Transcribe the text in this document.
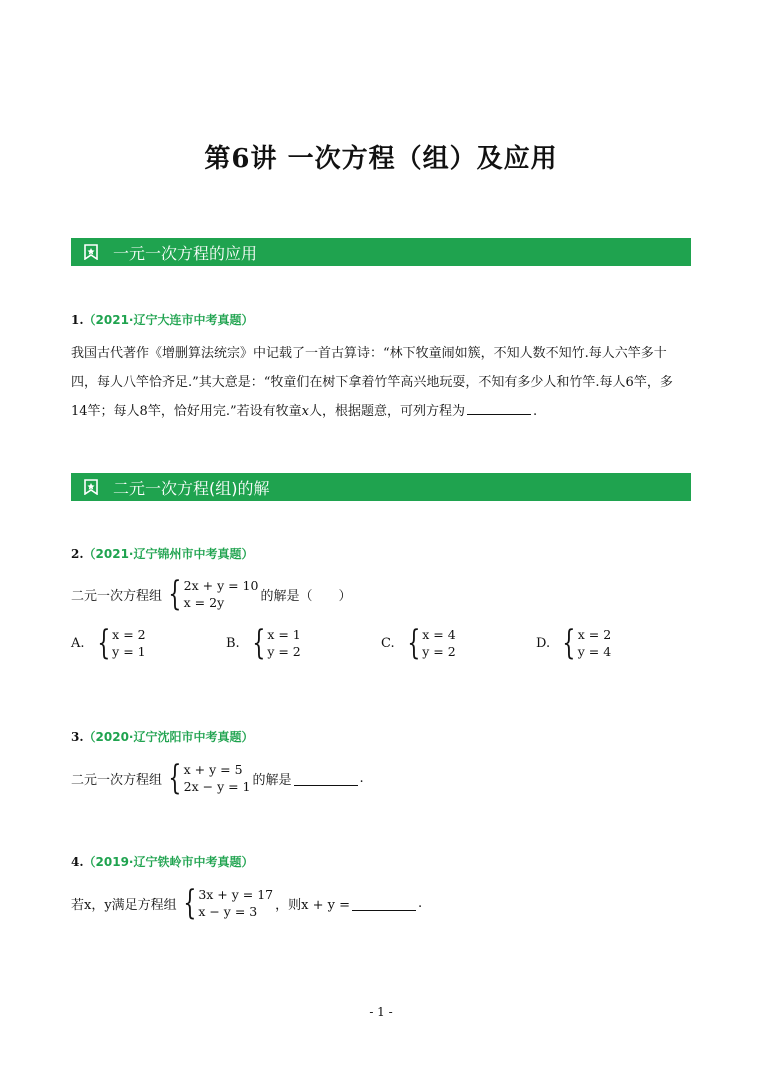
第6讲 一次方程（组）及应用
一元一次方程的应用
1.（2021·辽宁大连市中考真题）
我国古代著作《增删算法统宗》中记载了一首古算诗：“林下牧童闹如簇，不知人数不知竹.每人六竿多十
四，每人八竿恰齐足.”其大意是：“牧童们在树下拿着竹竿高兴地玩耍，不知有多少人和竹竿.每人6竿，多
14竿；每人8竿，恰好用完.”若设有牧童x人，根据题意，可列方程为	.
二元一次方程(组)的解
2.（2021·辽宁锦州市中考真题）
二元一次方程组 { 2x + y = 10
x = 2y	的解是（　　）
A. { x = 2
y = 1
B. { x = 1
y = 2
C. { x = 4
y = 2
D. { x = 2
y = 4
3.（2020·辽宁沈阳市中考真题）
二元一次方程组 { x + y = 5
2x − y = 1 的解是	.
4.（2019·辽宁铁岭市中考真题）
若x，y满足方程组 { 3x + y = 17
x − y = 3	，则x + y =	.
- 1 -
